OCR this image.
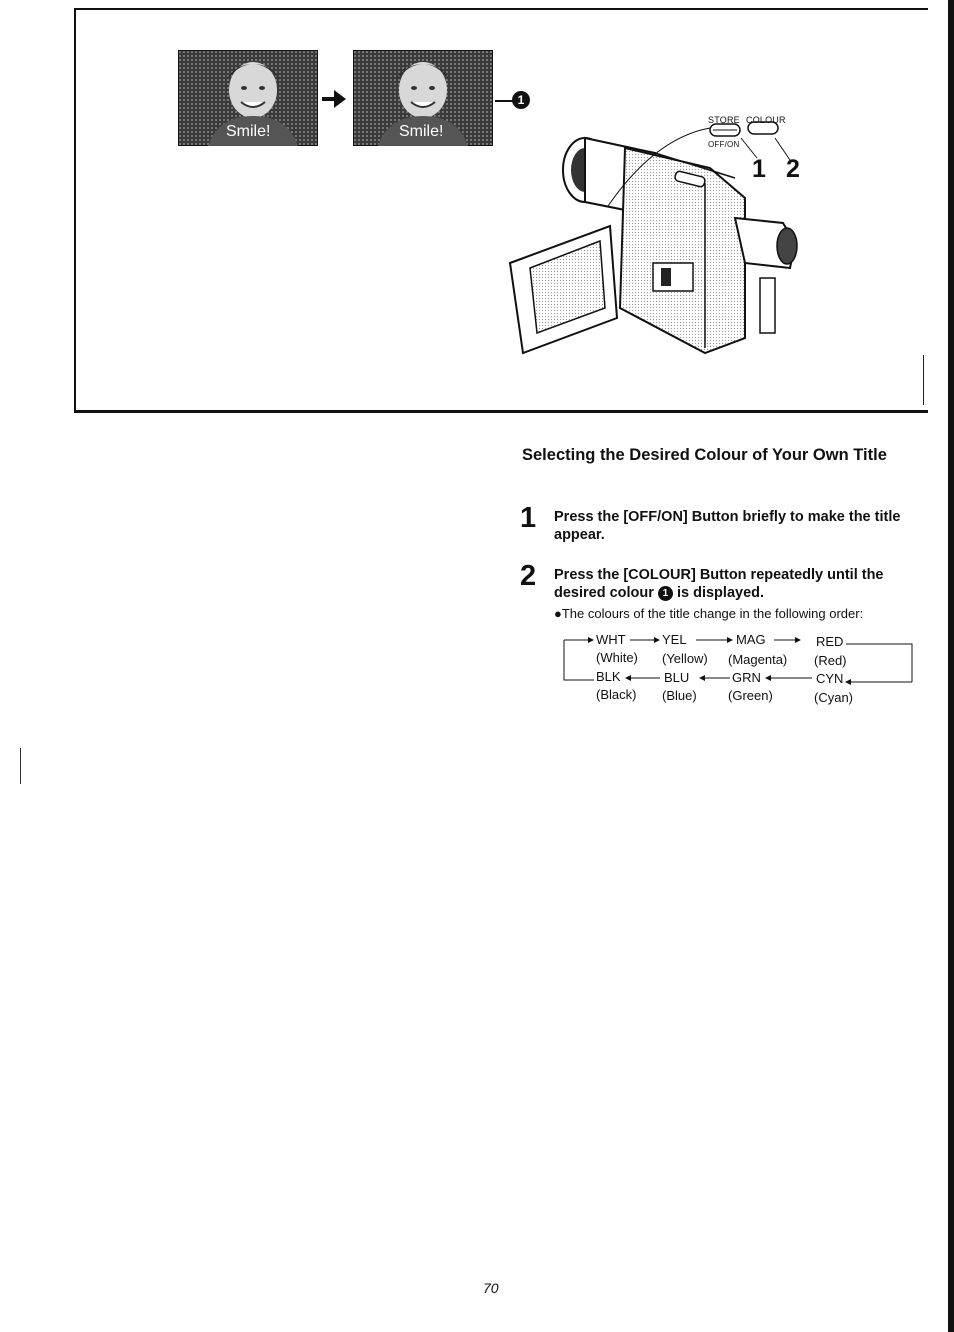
Smile!	Smile!
1
STORE COLOUR
OFF/ON
1 2
Selecting the Desired Colour of Your Own Title
1 Press the [OFF/ON] Button briefly to make the title appear.
2 Press the [COLOUR] Button repeatedly until the desired colour 1 is displayed.
●The colours of the title change in the following order:
WHT	YEL	MAG	RED
(White) (Yellow) (Magenta) (Red)
BLK	BLU	GRN	CYN
(Black) (Blue) (Green)	(Cyan)
70
